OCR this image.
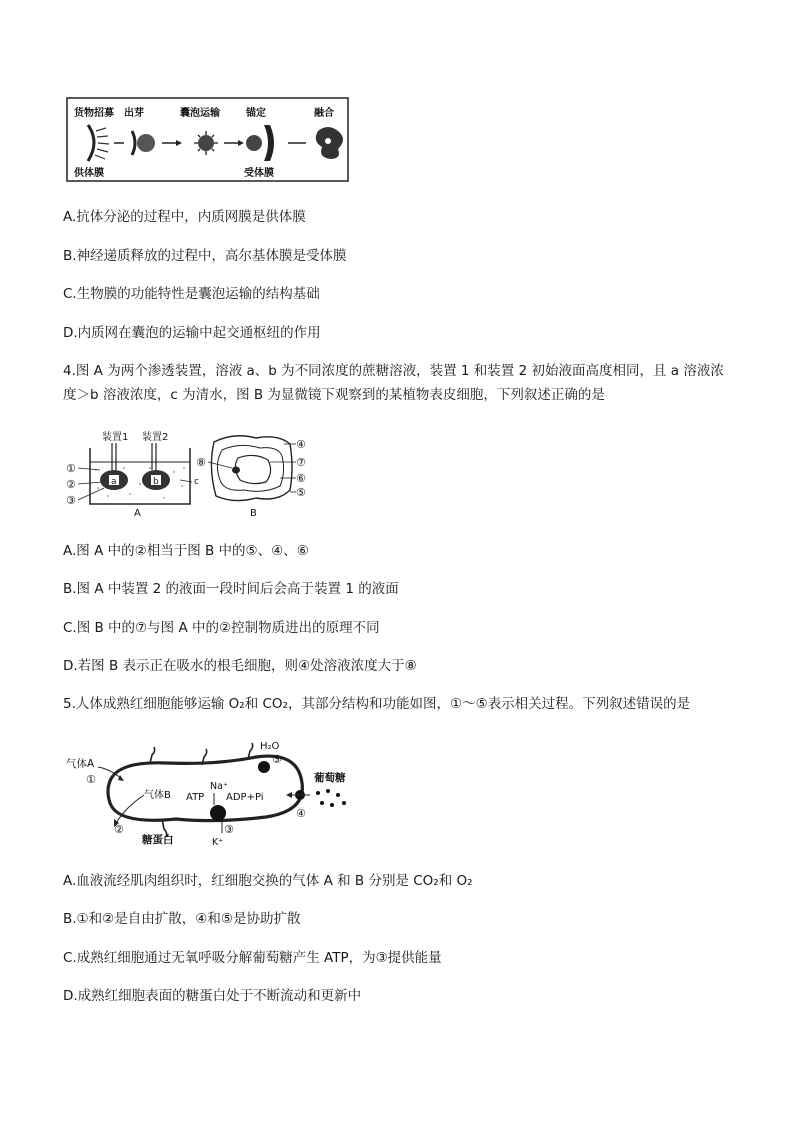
货物招募 出芽	囊泡运输	锚定	融合
供体膜	受体膜
A.抗体分泌的过程中，内质网膜是供体膜
B.神经递质释放的过程中，高尔基体膜是受体膜
C.生物膜的功能特性是囊泡运输的结构基础
D.内质网在囊泡的运输中起交通枢纽的作用
4.图 A 为两个渗透装置，溶液 a、b 为不同浓度的蔗糖溶液，装置 1 和装置 2 初始液面高度相同，且 a 溶液浓
度＞b 溶液浓度，c 为清水，图 B 为显微镜下观察到的某植物表皮细胞，下列叙述正确的是
装置1 装置2
a	b	c
①
②
③
A
⑧
④
⑦
⑥
⑤
B
A.图 A 中的②相当于图 B 中的⑤、④、⑥
B.图 A 中装置 2 的液面一段时间后会高于装置 1 的液面
C.图 B 中的⑦与图 A 中的②控制物质进出的原理不同
D.若图 B 表示正在吸水的根毛细胞，则④处溶液浓度大于⑧
5.人体成熟红细胞能够运输 O₂和 CO₂，其部分结构和功能如图，①～⑤表示相关过程。下列叙述错误的是
气体A
①
气体B
②
糖蛋白
ATP ADP+Pi
Na⁺
K⁺
③
H₂O
⑤
葡萄糖
④
A.血液流经肌肉组织时，红细胞交换的气体 A 和 B 分别是 CO₂和 O₂
B.①和②是自由扩散，④和⑤是协助扩散
C.成熟红细胞通过无氧呼吸分解葡萄糖产生 ATP，为③提供能量
D.成熟红细胞表面的糖蛋白处于不断流动和更新中
